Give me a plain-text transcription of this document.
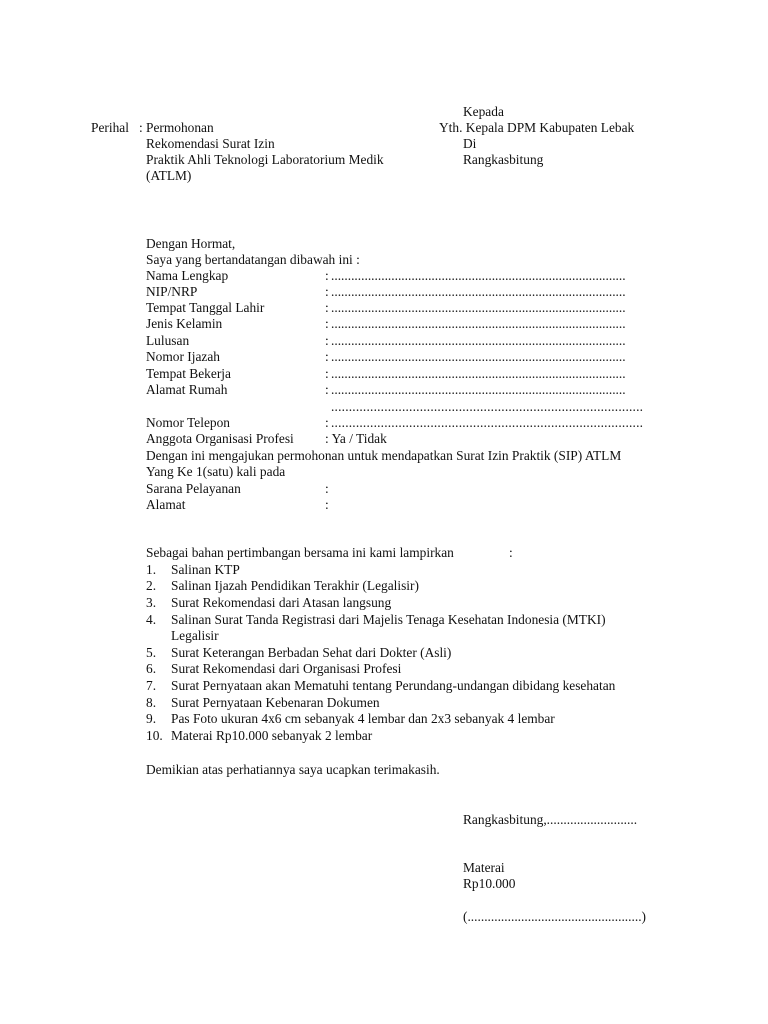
Kepada
Yth. Kepala DPM Kabupaten Lebak
Di
Rangkasbitung
Perihal : Permohonan
Rekomendasi Surat Izin
Praktik Ahli Teknologi Laboratorium Medik
(ATLM)
Dengan Hormat,
Saya yang bertandatangan dibawah ini :
Nama Lengkap	: ........................................................................................
NIP/NRP	: ........................................................................................
Tempat Tanggal Lahir	: ........................................................................................
Jenis Kelamin	: ........................................................................................
Lulusan	: ........................................................................................
Nomor Ijazah	: ........................................................................................
Tempat Bekerja	: ........................................................................................
Alamat Rumah	: ........................................................................................
........................................................................................
Nomor Telepon	: ........................................................................................
Anggota Organisasi Profesi : Ya / Tidak
Dengan ini mengajukan permohonan untuk mendapatkan Surat Izin Praktik (SIP) ATLM
Yang Ke 1(satu) kali pada
Sarana Pelayanan	:
Alamat	:
Sebagai bahan pertimbangan bersama ini kami lampirkan	:
1. Salinan KTP
2. Salinan Ijazah Pendidikan Terakhir (Legalisir)
3. Surat Rekomendasi dari Atasan langsung
4. Salinan Surat Tanda Registrasi dari Majelis Tenaga Kesehatan Indonesia (MTKI)
Legalisir
5. Surat Keterangan Berbadan Sehat dari Dokter (Asli)
6. Surat Rekomendasi dari Organisasi Profesi
7. Surat Pernyataan akan Mematuhi tentang Perundang-undangan dibidang kesehatan
8. Surat Pernyataan Kebenaran Dokumen
9. Pas Foto ukuran 4x6 cm sebanyak 4 lembar dan 2x3 sebanyak 4 lembar
10. Materai Rp10.000 sebanyak 2 lembar
Demikian atas perhatiannya saya ucapkan terimakasih.
Rangkasbitung,...........................
Materai
Rp10.000
(....................................................)
